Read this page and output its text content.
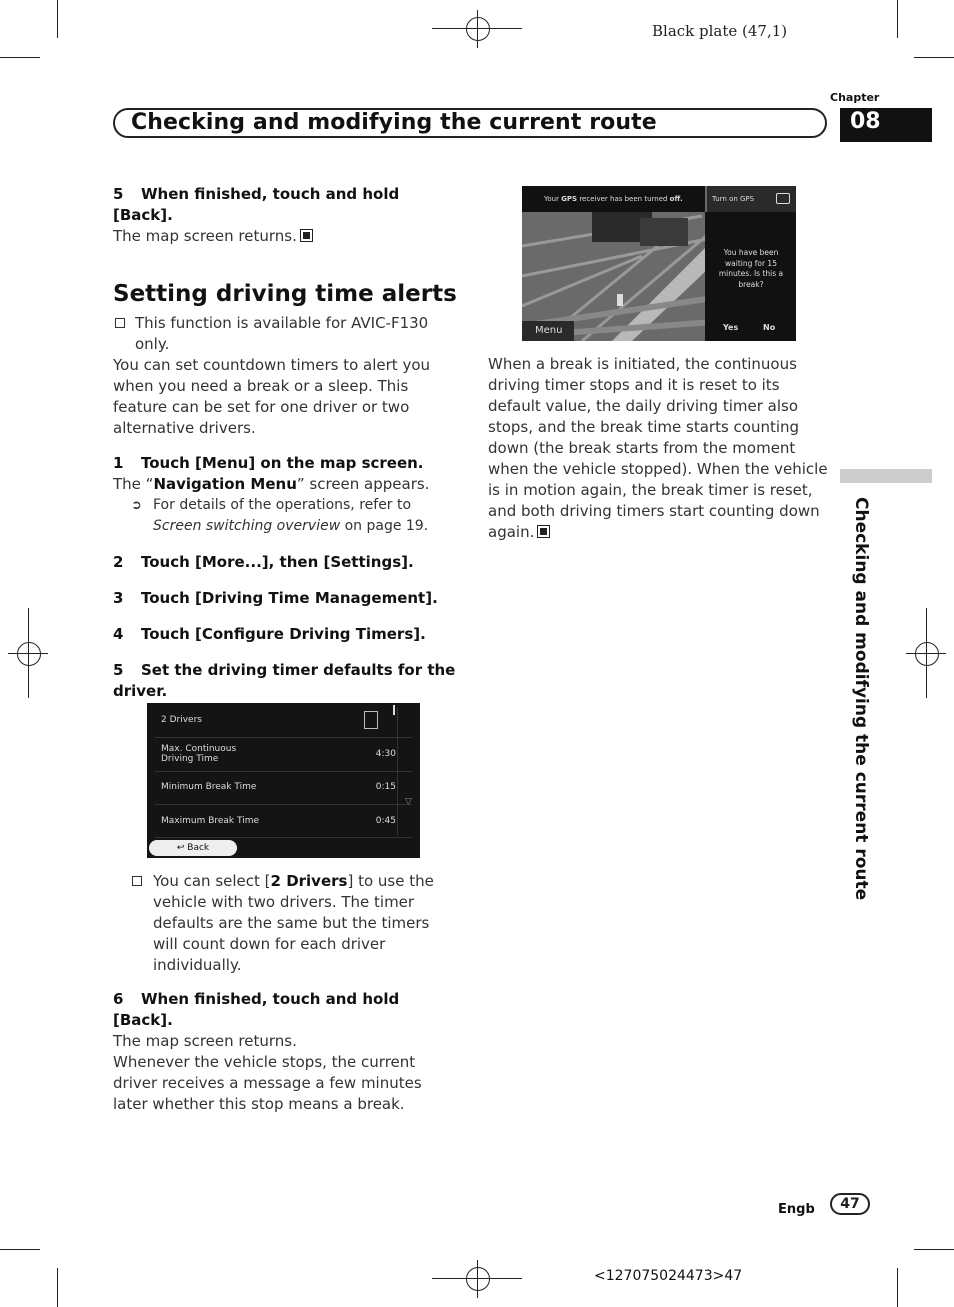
Black plate (47,1)
Chapter
Checking and modifying the current route	08
Checking and modifying the current route

5 When finished, touch and hold [Back].

The map screen returns.

Setting driving time alerts

This function is available for AVIC-F130 only.

You can set countdown timers to alert you when you need a break or a sleep. This feature can be set for one driver or two alternative drivers.

1 Touch [Menu] on the map screen.

The “Navigation Menu” screen appears.

➲ For details of the operations, refer to Screen switching overview on page 19.

2 Touch [More...], then [Settings].

3 Touch [Driving Time Management].

4 Touch [Configure Driving Timers].

5 Set the driving timer defaults for the driver.

2 Drivers
Max. Continuous Driving Time	4:30
Minimum Break Time	0:15
Maximum Break Time	0:45
▽
↩ Back

You can select [2 Drivers] to use the vehicle with two drivers. The timer defaults are the same but the timers will count down for each driver individually.

6 When finished, touch and hold [Back].

The map screen returns.

Whenever the vehicle stops, the current driver receives a message a few minutes later whether this stop means a break.

Your GPS receiver has been turned off.	Turn on GPS
You have been waiting for 15 minutes. Is this a break?
Yes	No
Menu

When a break is initiated, the continuous driving timer stops and it is reset to its default value, the daily driving timer also stops, and the break time starts counting down (the break starts from the moment when the vehicle stopped). When the vehicle is in motion again, the break timer is reset, and both driving timers start counting down again.

Engb	47
<127075024473>47
